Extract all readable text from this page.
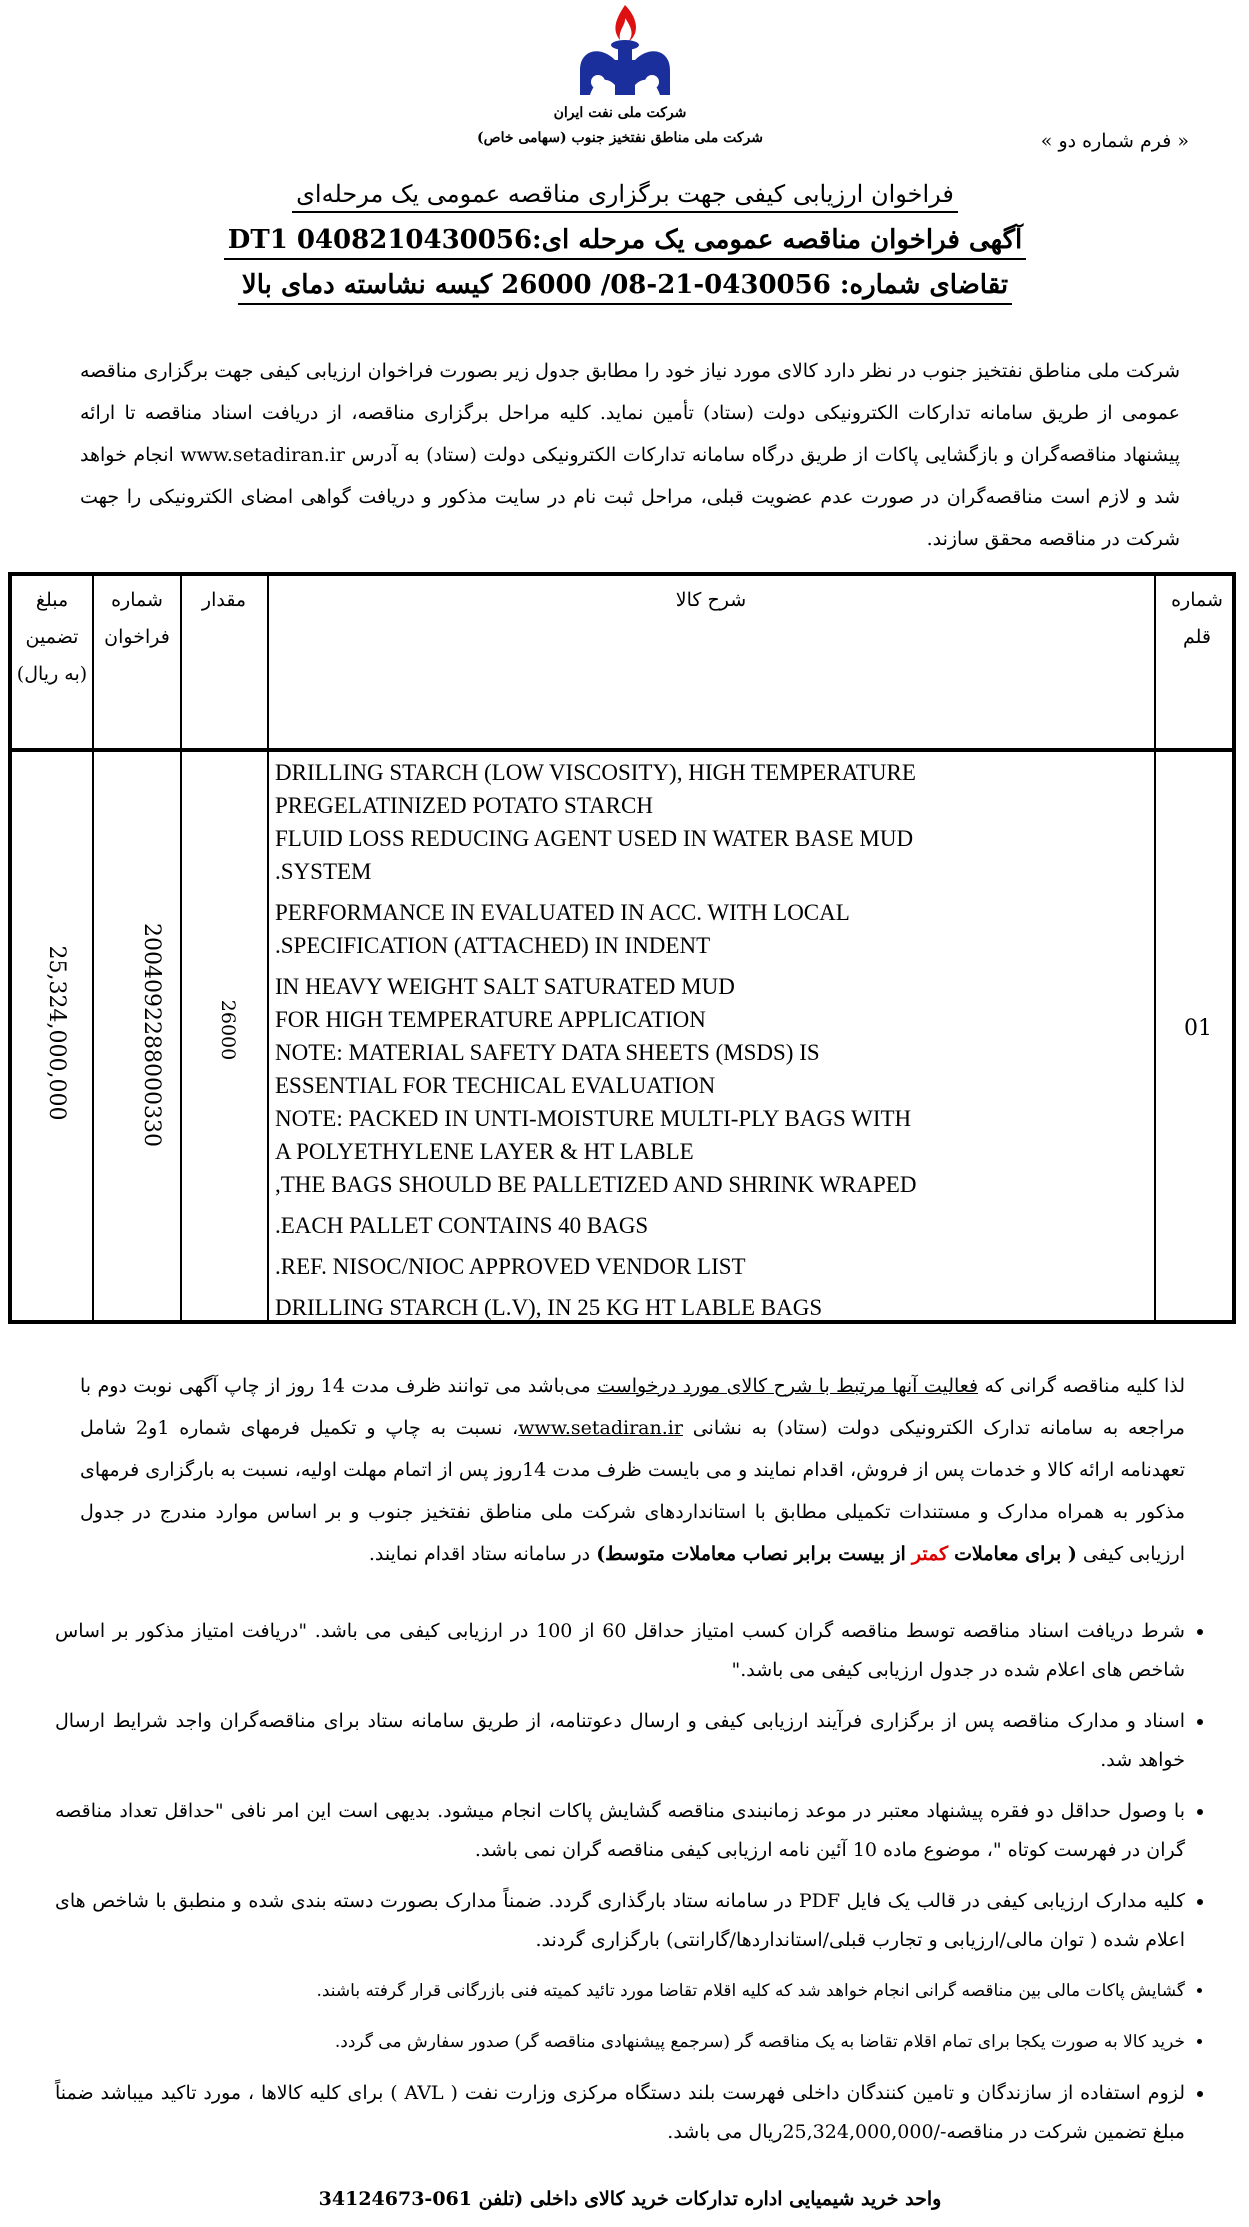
شرکت ملی نفت ایران
شرکت ملی مناطق نفتخیز جنوب (سهامی خاص)	« فرم شماره دو »
فراخوان ارزیابی کیفی جهت برگزاری مناقصه عمومی یک مرحله‌ای
آگهی فراخوان مناقصه عمومی یک مرحله ای:0408210430056 DT1
تقاضای شماره: 0430056-21-08/ 26000 کیسه نشاسته دمای بالا
شرکت ملی مناطق نفتخیز جنوب در نظر دارد کالای مورد نیاز خود را مطابق جدول زیر بصورت فراخوان ارزیابی کیفی جهت برگزاری مناقصه عمومی از طریق سامانه تدارکات الکترونیکی دولت (ستاد) تأمین نماید. کلیه مراحل برگزاری مناقصه، از دریافت اسناد مناقصه تا ارائه پیشنهاد مناقصه‌گران و بازگشایی پاکات از طریق درگاه سامانه تدارکات الکترونیکی دولت (ستاد) به آدرس www.setadiran.ir انجام خواهد شد و لازم است مناقصه‌گران در صورت عدم عضویت قبلی، مراحل ثبت نام در سایت مذکور و دریافت گواهی امضای الکترونیکی را جهت شرکت در مناقصه محقق سازند.
شماره قلم
شرح کالا
مقدار
شماره فراخوان
مبلغ تضمین (به ریال)
01
26000
2004092288000330
25,324,000,000
DRILLING STARCH (LOW VISCOSITY), HIGH TEMPERATURE
PREGELATINIZED POTATO STARCH
FLUID LOSS REDUCING AGENT USED IN WATER BASE MUD
.SYSTEM
PERFORMANCE IN EVALUATED IN ACC. WITH LOCAL
.SPECIFICATION (ATTACHED) IN INDENT
IN HEAVY WEIGHT SALT SATURATED MUD
FOR HIGH TEMPERATURE APPLICATION
NOTE: MATERIAL SAFETY DATA SHEETS (MSDS) IS
ESSENTIAL FOR TECHICAL EVALUATION
NOTE: PACKED IN UNTI-MOISTURE MULTI-PLY BAGS WITH
A POLYETHYLENE LAYER & HT LABLE
,THE BAGS SHOULD BE PALLETIZED AND SHRINK WRAPED
.EACH PALLET CONTAINS 40 BAGS
.REF. NISOC/NIOC APPROVED VENDOR LIST
DRILLING STARCH (L.V), IN 25 KG HT LABLE BAGS
لذا کلیه مناقصه گرانی که فعالیت آنها مرتبط با شرح کالای مورد درخواست می‌باشد می توانند ظرف مدت 14 روز از چاپ آگهی نوبت دوم با مراجعه به سامانه تدارک الکترونیکی دولت (ستاد) به نشانی www.setadiran.ir، نسبت به چاپ و تکمیل فرمهای شماره 1و2 شامل تعهدنامه ارائه کالا و خدمات پس از فروش، اقدام نمایند و می بایست ظرف مدت 14روز پس از اتمام مهلت اولیه، نسبت به بارگزاری فرمهای مذکور به همراه مدارک و مستندات تکمیلی مطابق با استانداردهای شرکت ملی مناطق نفتخیز جنوب و بر اساس موارد مندرج در جدول ارزیابی کیفی ( برای معاملات کمتر از بیست برابر نصاب معاملات متوسط) در سامانه ستاد اقدام نمایند.
• شرط دریافت اسناد مناقصه توسط مناقصه گران کسب امتیاز حداقل 60 از 100 در ارزیابی کیفی می باشد. "دریافت امتیاز مذکور بر اساس شاخص های اعلام شده در جدول ارزیابی کیفی می باشد."
• اسناد و مدارک مناقصه پس از برگزاری فرآیند ارزیابی کیفی و ارسال دعوتنامه، از طریق سامانه ستاد برای مناقصه‌گران واجد شرایط ارسال خواهد شد.
• با وصول حداقل دو فقره پیشنهاد معتبر در موعد زمانبندی مناقصه گشایش پاکات انجام میشود. بدیهی است این امر نافی "حداقل تعداد مناقصه گران در فهرست کوتاه "، موضوع ماده 10 آئین نامه ارزیابی کیفی مناقصه گران نمی باشد.
• کلیه مدارک ارزیابی کیفی در قالب یک فایل PDF در سامانه ستاد بارگذاری گردد. ضمناً مدارک بصورت دسته بندی شده و منطبق با شاخص های اعلام شده ( توان مالی/ارزیابی و تجارب قبلی/استانداردها/گارانتی) بارگزاری گردند.
• گشایش پاکات مالی بین مناقصه گرانی انجام خواهد شد که کلیه اقلام تقاضا مورد تائید کمیته فنی بازرگانی قرار گرفته باشند.
• خرید کالا به صورت یکجا برای تمام اقلام تقاضا به یک مناقصه گر (سرجمع پیشنهادی مناقصه گر) صدور سفارش می گردد.
• لزوم استفاده از سازندگان و تامین کنندگان داخلی فهرست بلند دستگاه مرکزی وزارت نفت ( AVL ) برای کلیه کالاها ، مورد تاکید میباشد ضمناً مبلغ تضمین شرکت در مناقصه-/25,324,000,000ریال می باشد.
واحد خرید شیمیایی اداره تدارکات خرید کالای داخلی (تلفن 061-34124673
